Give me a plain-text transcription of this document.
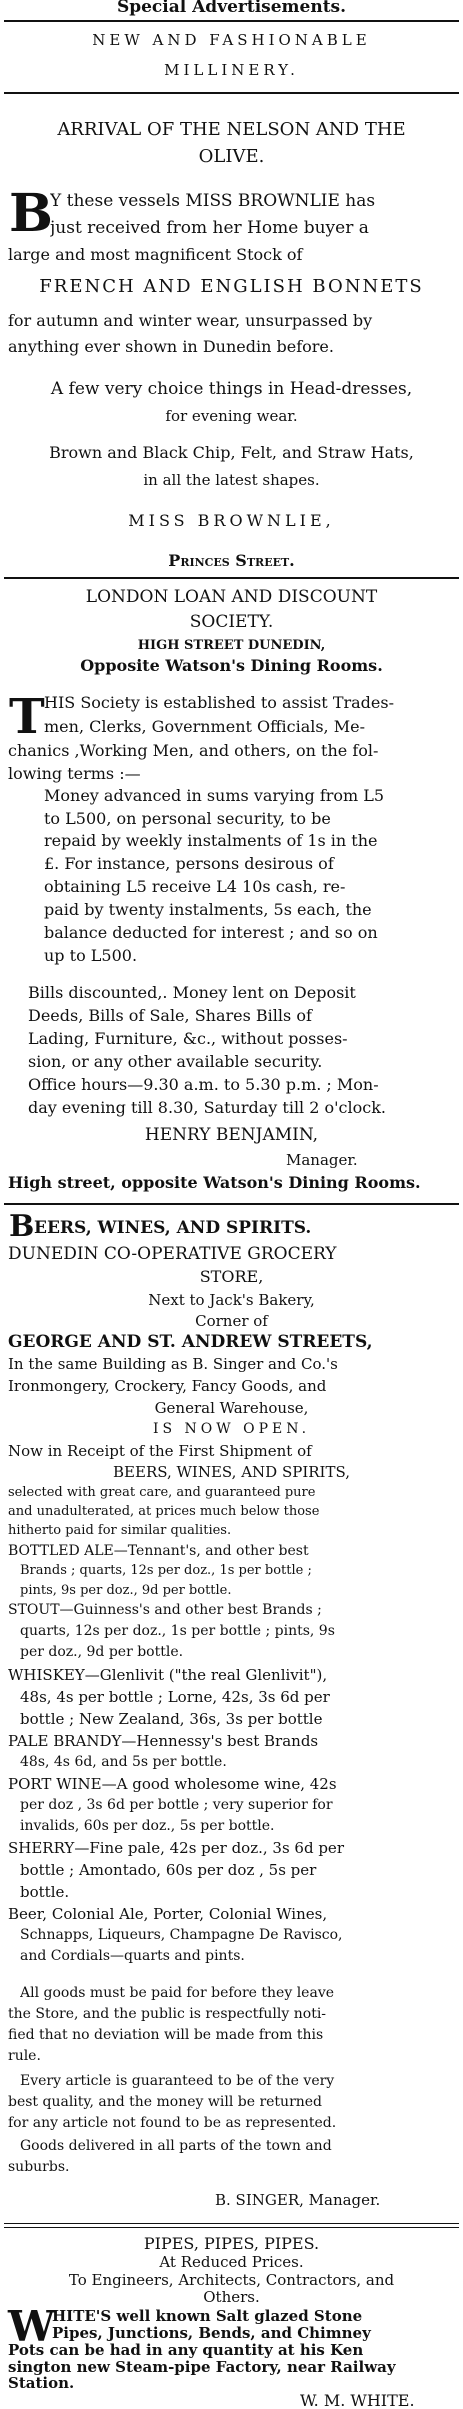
Special Advertisements.
NEW AND FASHIONABLE
MILLINERY.
ARRIVAL OF THE NELSON AND THE
OLIVE.
B
Y these vessels MISS BROWNLIE has
just received from her Home buyer a
large and most magnificent Stock of
FRENCH AND ENGLISH BONNETS
for autumn and winter wear, unsurpassed by
anything ever shown in Dunedin before.
A few very choice things in Head-dresses,
for evening wear.
Brown and Black Chip, Felt, and Straw Hats,
in all the latest shapes.
MISS BROWNLIE,
Princes Street.
LONDON LOAN AND DISCOUNT
SOCIETY.
HIGH STREET DUNEDIN,
Opposite Watson's Dining Rooms.
T HIS Society is established to assist Trades-
men, Clerks, Government Officials, Me-
chanics ,Working Men, and others, on the fol-
lowing terms :—
Money advanced in sums varying from L5
to L500, on personal security, to be
repaid by weekly instalments of 1s in the
£. For instance, persons desirous of
obtaining L5 receive L4 10s cash, re-
paid by twenty instalments, 5s each, the
balance deducted for interest ; and so on
up to L500.
Bills discounted,. Money lent on Deposit
Deeds, Bills of Sale, Shares Bills of
Lading, Furniture, &c., without posses-
sion, or any other available security.
Office hours—9.30 a.m. to 5.30 p.m. ; Mon-
day evening till 8.30, Saturday till 2 o'clock.
HENRY BENJAMIN,
Manager.
High street, opposite Watson's Dining Rooms.
B EERS, WINES, AND SPIRITS.
DUNEDIN CO-OPERATIVE GROCERY
STORE,
Next to Jack's Bakery,
Corner of
GEORGE AND ST. ANDREW STREETS,
In the same Building as B. Singer and Co.'s
Ironmongery, Crockery, Fancy Goods, and
General Warehouse,
IS NOW OPEN.
Now in Receipt of the First Shipment of
BEERS, WINES, AND SPIRITS,
selected with great care, and guaranteed pure
and unadulterated, at prices much below those
hitherto paid for similar qualities.
BOTTLED ALE—Tennant's, and other best
Brands ; quarts, 12s per doz., 1s per bottle ;
pints, 9s per doz., 9d per bottle.
STOUT—Guinness's and other best Brands ;
quarts, 12s per doz., 1s per bottle ; pints, 9s
per doz., 9d per bottle.
WHISKEY—Glenlivit ("the real Glenlivit"),
48s, 4s per bottle ; Lorne, 42s, 3s 6d per
bottle ; New Zealand, 36s, 3s per bottle
PALE BRANDY—Hennessy's best Brands
48s, 4s 6d, and 5s per bottle.
PORT WINE—A good wholesome wine, 42s
per doz , 3s 6d per bottle ; very superior for
invalids, 60s per doz., 5s per bottle.
SHERRY—Fine pale, 42s per doz., 3s 6d per
bottle ; Amontado, 60s per doz , 5s per
bottle.
Beer, Colonial Ale, Porter, Colonial Wines,
Schnapps, Liqueurs, Champagne De Ravisco,
and Cordials—quarts and pints.
All goods must be paid for before they leave
the Store, and the public is respectfully noti-
fied that no deviation will be made from this
rule.
Every article is guaranteed to be of the very
best quality, and the money will be returned
for any article not found to be as represented.
Goods delivered in all parts of the town and
suburbs.
B. SINGER, Manager.
PIPES, PIPES, PIPES.
At Reduced Prices.
To Engineers, Architects, Contractors, and
Others.
W
HITE'S well known Salt glazed Stone
Pipes, Junctions, Bends, and Chimney
Pots can be had in any quantity at his Ken
sington new Steam-pipe Factory, near Railway
Station.
W. M. WHITE.
